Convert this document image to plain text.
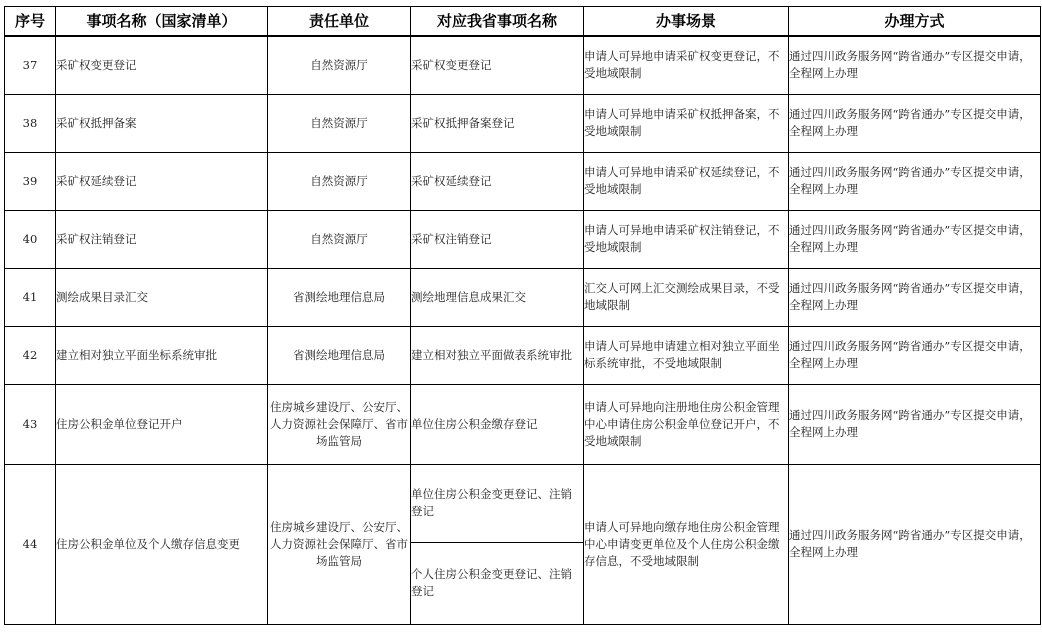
序号	事项名称（国家清单）	责任单位	对应我省事项名称	办事场景	办理方式
37	采矿权变更登记	自然资源厅	采矿权变更登记	申请人可异地申请采矿权变更登记，不受地域限制	通过四川政务服务网“跨省通办”专区提交申请，全程网上办理
38	采矿权抵押备案	自然资源厅	采矿权抵押备案登记	申请人可异地申请采矿权抵押备案，不受地域限制	通过四川政务服务网“跨省通办”专区提交申请，全程网上办理
39	采矿权延续登记	自然资源厅	采矿权延续登记	申请人可异地申请采矿权延续登记，不受地域限制	通过四川政务服务网“跨省通办”专区提交申请，全程网上办理
40	采矿权注销登记	自然资源厅	采矿权注销登记	申请人可异地申请采矿权注销登记，不受地域限制	通过四川政务服务网“跨省通办”专区提交申请，全程网上办理
41	测绘成果目录汇交	省测绘地理信息局	测绘地理信息成果汇交	汇交人可网上汇交测绘成果目录，不受地域限制	通过四川政务服务网“跨省通办”专区提交申请，全程网上办理
42	建立相对独立平面坐标系统审批	省测绘地理信息局	建立相对独立平面做表系统审批	申请人可异地申请建立相对独立平面坐标系统审批，不受地域限制	通过四川政务服务网“跨省通办”专区提交申请，全程网上办理
43	住房公积金单位登记开户	住房城乡建设厅、公安厅、人力资源社会保障厅、省市场监管局	单位住房公积金缴存登记	申请人可异地向注册地住房公积金管理中心申请住房公积金单位登记开户，不受地域限制	通过四川政务服务网“跨省通办”专区提交申请，全程网上办理
44	住房公积金单位及个人缴存信息变更	住房城乡建设厅、公安厅、人力资源社会保障厅、省市场监管局	单位住房公积金变更登记、注销登记	申请人可异地向缴存地住房公积金管理中心申请变更单位及个人住房公积金缴存信息，不受地域限制	通过四川政务服务网“跨省通办”专区提交申请，全程网上办理
			个人住房公积金变更登记、注销登记		
